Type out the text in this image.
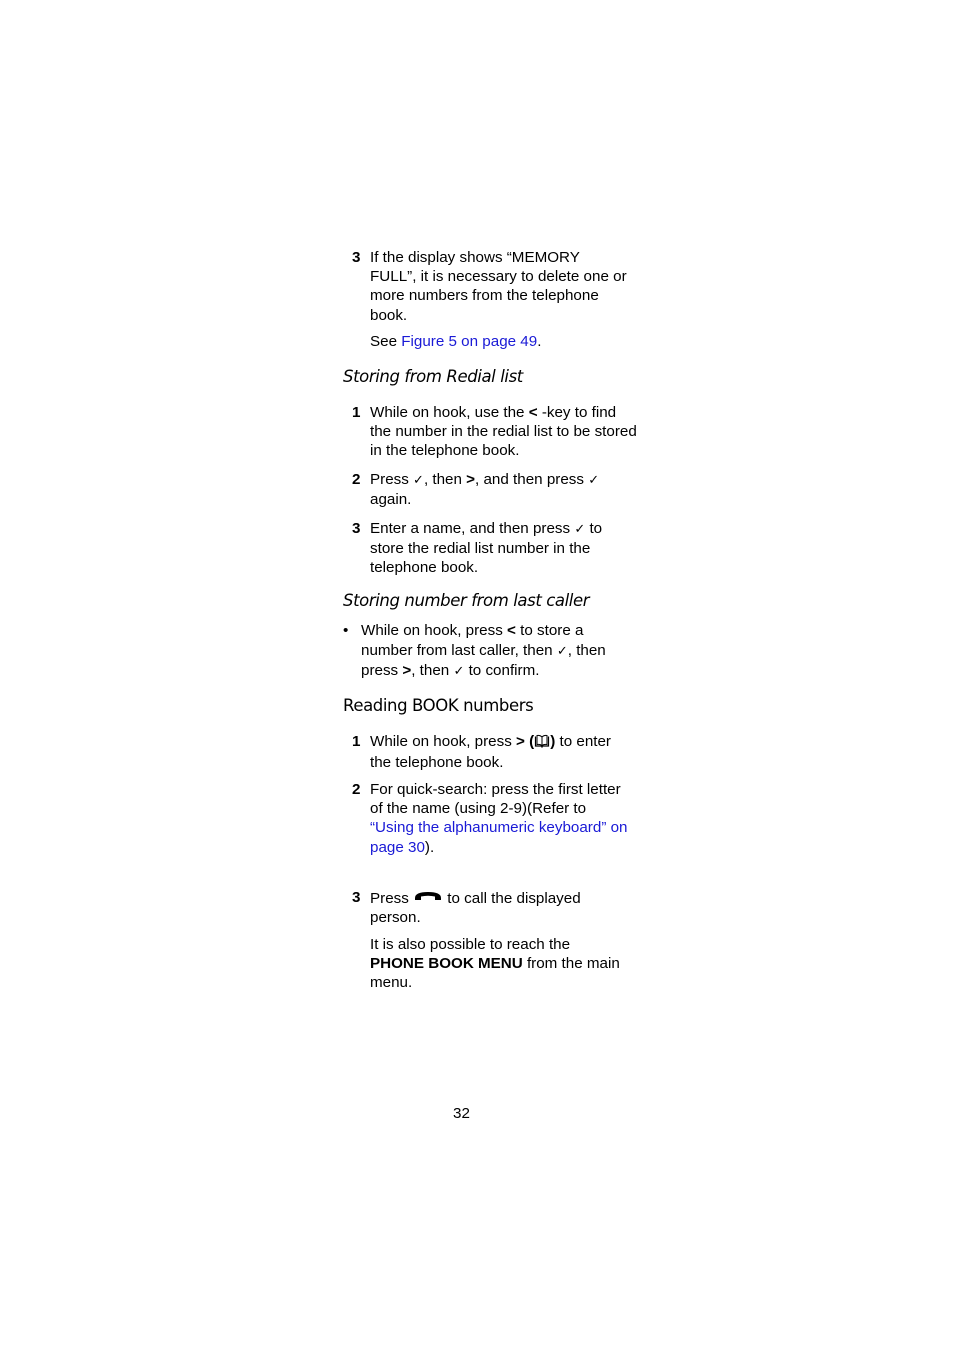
3 If the display shows “MEMORY FULL”, it is necessary to delete one or more numbers from the telephone book.
See Figure 5 on page 49.
Storing from Redial list
1 While on hook, use the < -key to find the number in the redial list to be stored in the telephone book.
2 Press ✓, then >, and then press ✓ again.
3 Enter a name, and then press ✓ to store the redial list number in the telephone book.
Storing number from last caller
• While on hook, press < to store a number from last caller, then ✓, then press >, then ✓ to confirm.
Reading BOOK numbers
1 While on hook, press > ( ) to enter the telephone book.
2 For quick-search: press the first letter of the name (using 2-9)(Refer to “Using the alphanumeric keyboard” on page 30).
3 Press  to call the displayed person.
It is also possible to reach the PHONE BOOK MENU from the main menu.
32
